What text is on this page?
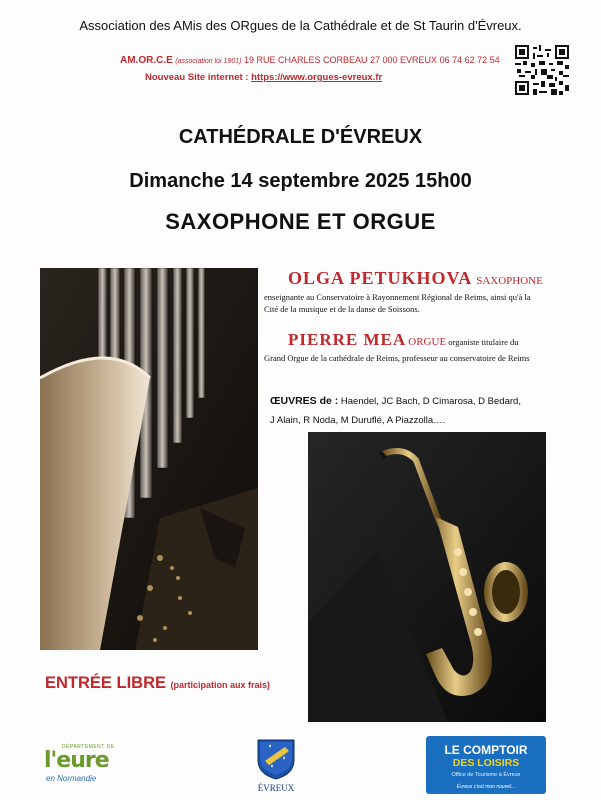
Association des AMis des ORgues de la Cathédrale et de St Taurin d'Évreux.
AM.OR.C.E (association loi 1901) 19 RUE CHARLES CORBEAU 27 000 EVREUX 06 74 62 72 54
Nouveau Site internet : https://www.orgues-evreux.fr
CATHÉDRALE D'ÉVREUX
Dimanche 14 septembre 2025 15h00
SAXOPHONE ET ORGUE
OLGA PETUKHOVA SAXOPHONE
enseignante au Conservatoire à Rayonnement Régional de Reims, ainsi qu'à la Cité de la musique et de la danse de Soissons.
PIERRE MEA ORGUE organiste titulaire du
Grand Orgue de la cathédrale de Reims, professeur au conservatoire de Reims
ŒUVRES de : Haendel, JC Bach, D Cimarosa, D Bedard,
J Alain, R Noda, M Duruflé, A Piazzolla….
ENTRÉE LIBRE (participation aux frais)
DÉPARTEMENT DE
l'eure
en Normandie
ÉVREUX
LE COMPTOIR
DES LOISIRS
Office de Tourisme à Évreux
Évreux c'est mon nouvel...
